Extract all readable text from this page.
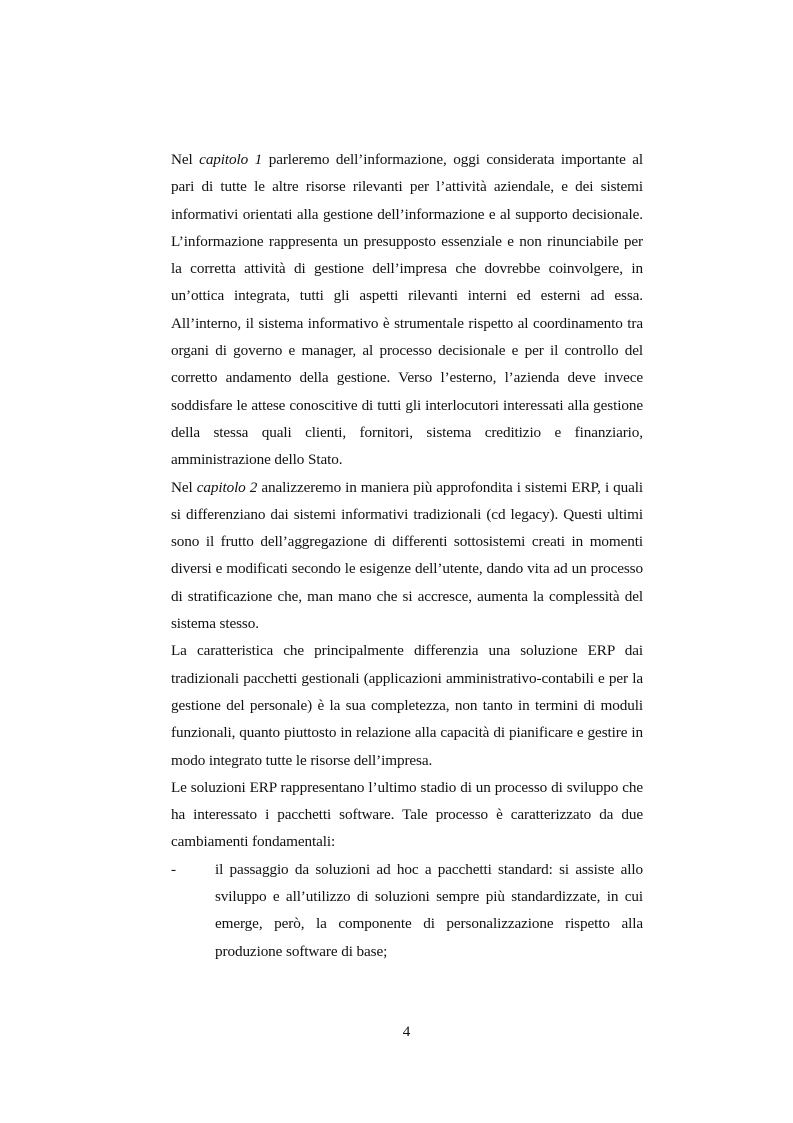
Nel capitolo 1 parleremo dell’informazione, oggi considerata importante al pari di tutte le altre risorse rilevanti per l’attività aziendale, e dei sistemi informativi orientati alla gestione dell’informazione e al supporto decisionale. L’informazione rappresenta un presupposto essenziale e non rinunciabile per la corretta attività di gestione dell’impresa che dovrebbe coinvolgere, in un’ottica integrata, tutti gli aspetti rilevanti interni ed esterni ad essa. All’interno, il sistema informativo è strumentale rispetto al coordinamento tra organi di governo e manager, al processo decisionale e per il controllo del corretto andamento della gestione. Verso l’esterno, l’azienda deve invece soddisfare le attese conoscitive di tutti gli interlocutori interessati alla gestione della stessa quali clienti, fornitori, sistema creditizio e finanziario, amministrazione dello Stato.

Nel capitolo 2 analizzeremo in maniera più approfondita i sistemi ERP, i quali si differenziano dai sistemi informativi tradizionali (cd legacy). Questi ultimi sono il frutto dell’aggregazione di differenti sottosistemi creati in momenti diversi e modificati secondo le esigenze dell’utente, dando vita ad un processo di stratificazione che, man mano che si accresce, aumenta la complessità del sistema stesso.

La caratteristica che principalmente differenzia una soluzione ERP dai tradizionali pacchetti gestionali (applicazioni amministrativo-contabili e per la gestione del personale) è la sua completezza, non tanto in termini di moduli funzionali, quanto piuttosto in relazione alla capacità di pianificare e gestire in modo integrato tutte le risorse dell’impresa.

Le soluzioni ERP rappresentano l’ultimo stadio di un processo di sviluppo che ha interessato i pacchetti software. Tale processo è caratterizzato da due cambiamenti fondamentali:

-	il passaggio da soluzioni ad hoc a pacchetti standard: si assiste allo sviluppo e all’utilizzo di soluzioni sempre più standardizzate, in cui emerge, però, la componente di personalizzazione rispetto alla produzione software di base;
4
